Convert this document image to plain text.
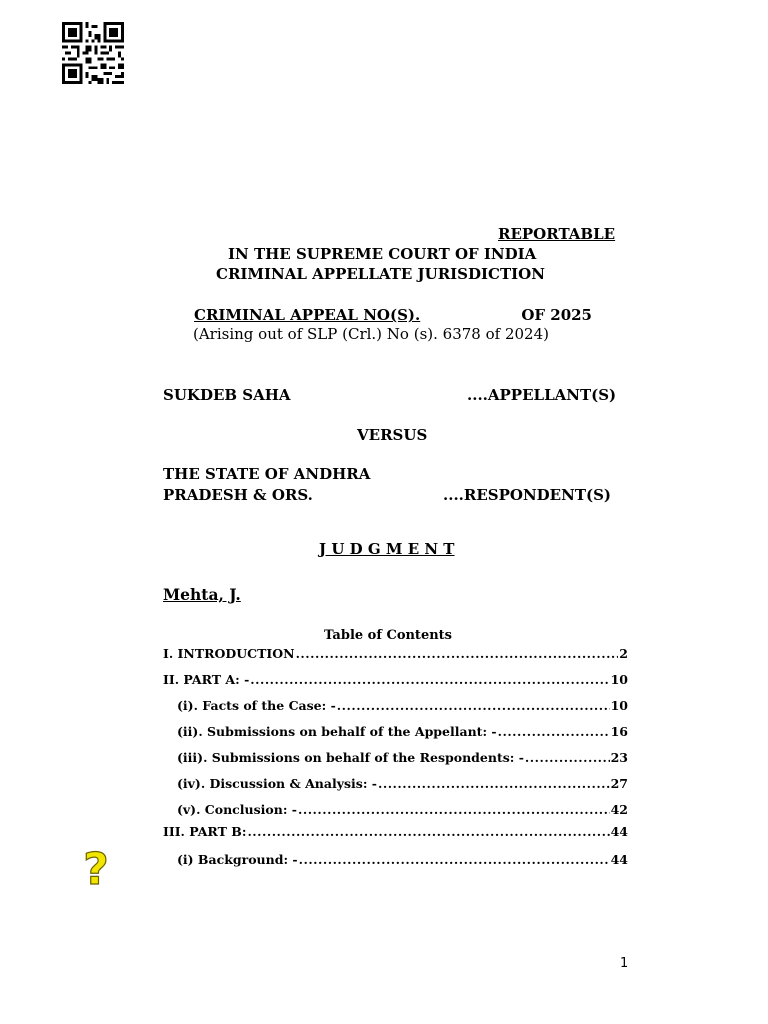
REPORTABLE
IN THE SUPREME COURT OF INDIA
CRIMINAL APPELLATE JURISDICTION
CRIMINAL APPEAL NO(S).	OF 2025
(Arising out of SLP (Crl.) No (s). 6378 of 2024)
SUKDEB SAHA	....APPELLANT(S)
VERSUS
THE STATE OF ANDHRA
PRADESH & ORS.	....RESPONDENT(S)
J U D G M E N T
Mehta, J.
Table of Contents
I. INTRODUCTION .....	2
II. PART A: - .....	10
(i). Facts of the Case: - .....	10
(ii). Submissions on behalf of the Appellant: - .....	16
(iii). Submissions on behalf of the Respondents: - .....	23
(iv). Discussion & Analysis: - .....	27
(v). Conclusion: - .....	42
III. PART B: .....	44
(i) Background: - .....	44
?
1
